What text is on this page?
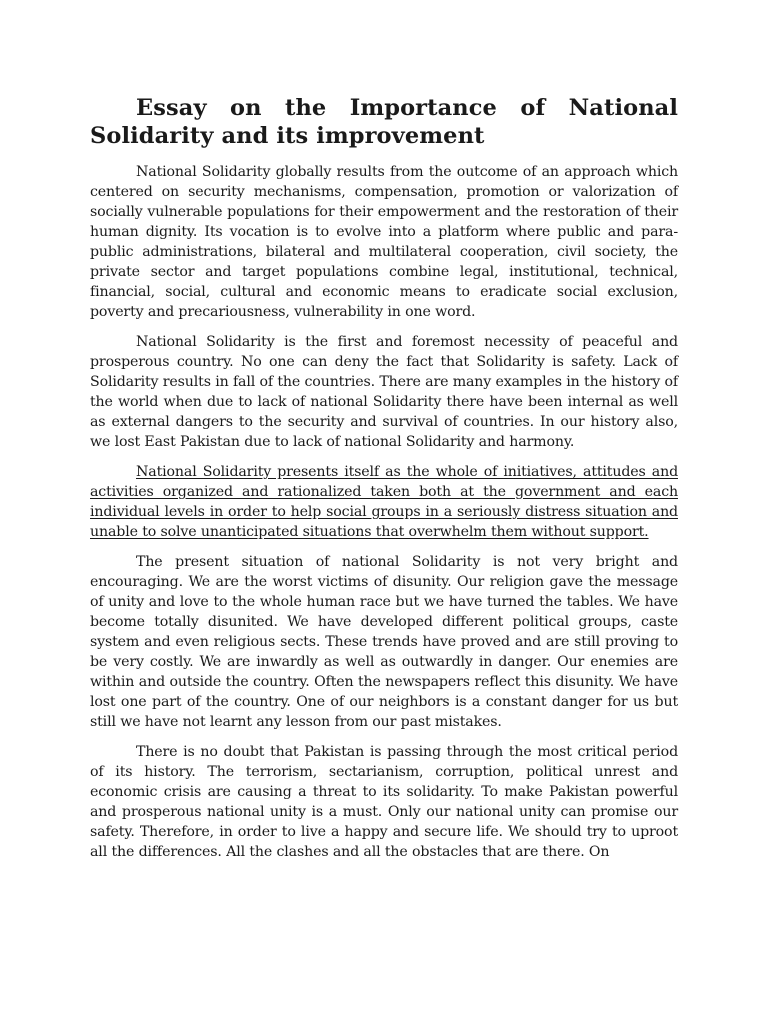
Essay on the Importance of National Solidarity and its improvement

National Solidarity globally results from the outcome of an approach which centered on security mechanisms, compensation, promotion or valorization of socially vulnerable populations for their empowerment and the restoration of their human dignity. Its vocation is to evolve into a platform where public and para-public administrations, bilateral and multilateral cooperation, civil society, the private sector and target populations combine legal, institutional, technical, financial, social, cultural and economic means to eradicate social exclusion, poverty and precariousness, vulnerability in one word.

National Solidarity is the first and foremost necessity of peaceful and prosperous country. No one can deny the fact that Solidarity is safety. Lack of Solidarity results in fall of the countries. There are many examples in the history of the world when due to lack of national Solidarity there have been internal as well as external dangers to the security and survival of countries. In our history also, we lost East Pakistan due to lack of national Solidarity and harmony.

National Solidarity presents itself as the whole of initiatives, attitudes and activities organized and rationalized taken both at the government and each individual levels in order to help social groups in a seriously distress situation and unable to solve unanticipated situations that overwhelm them without support.

The present situation of national Solidarity is not very bright and encouraging. We are the worst victims of disunity. Our religion gave the message of unity and love to the whole human race but we have turned the tables. We have become totally disunited. We have developed different political groups, caste system and even religious sects. These trends have proved and are still proving to be very costly. We are inwardly as well as outwardly in danger. Our enemies are within and outside the country. Often the newspapers reflect this disunity. We have lost one part of the country. One of our neighbors is a constant danger for us but still we have not learnt any lesson from our past mistakes.

There is no doubt that Pakistan is passing through the most critical period of its history. The terrorism, sectarianism, corruption, political unrest and economic crisis are causing a threat to its solidarity. To make Pakistan powerful and prosperous national unity is a must. Only our national unity can promise our safety. Therefore, in order to live a happy and secure life. We should try to uproot all the differences. All the clashes and all the obstacles that are there. On
